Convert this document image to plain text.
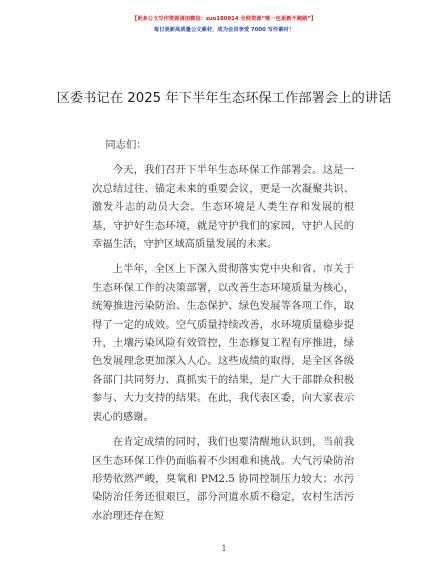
【更多公文写作资源请加微信：zuo180914 全网资源“唯一包更新不跑路”】
每日更新高质量公文素材，成为会员享受 7000 写作素材！
区委书记在 2025 年下半年生态环保工作部署会上的讲话

同志们：

今天，我们召开下半年生态环保工作部署会。这是一次总结过往、锚定未来的重要会议，更是一次凝聚共识、激发斗志的动员大会。生态环境是人类生存和发展的根基，守护好生态环境，就是守护我们的家园，守护人民的幸福生活，守护区域高质量发展的未来。

上半年，全区上下深入贯彻落实党中央和省、市关于生态环保工作的决策部署，以改善生态环境质量为核心，统筹推进污染防治、生态保护、绿色发展等各项工作，取得了一定的成效。空气质量持续改善，水环境质量稳步提升，土壤污染风险有效管控，生态修复工程有序推进，绿色发展理念更加深入人心。这些成绩的取得，是全区各级各部门共同努力、真抓实干的结果，是广大干部群众积极参与、大力支持的结果。在此，我代表区委，向大家表示衷心的感谢。

在肯定成绩的同时，我们也要清醒地认识到，当前我区生态环保工作仍面临着不少困难和挑战。大气污染防治形势依然严峻，臭氧和 PM2.5 协同控制压力较大；水污染防治任务还很艰巨，部分河道水质不稳定，农村生活污水治理还存在短

1
